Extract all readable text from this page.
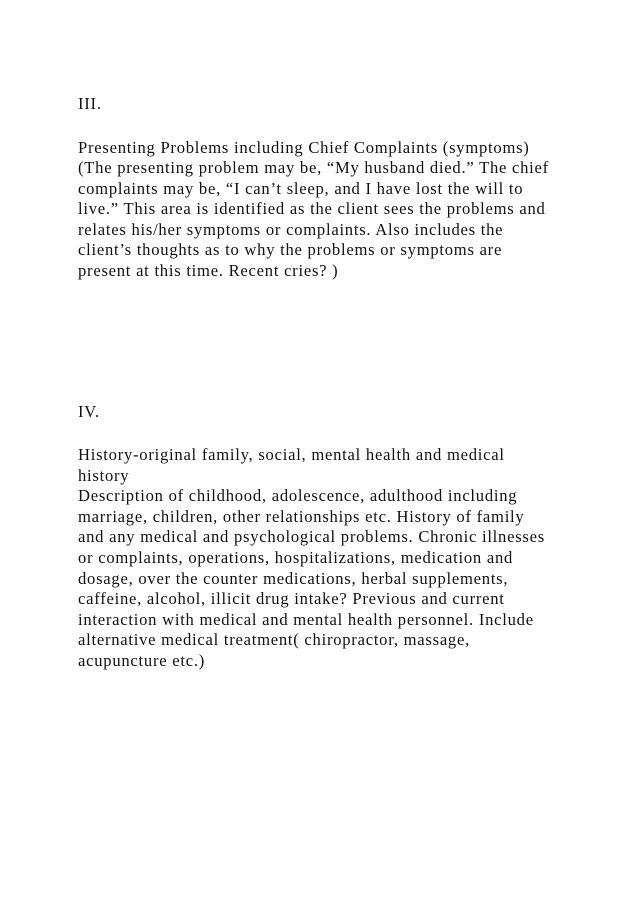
III.

Presenting Problems including Chief Complaints (symptoms)

(The presenting problem may be, “My husband died.” The chief

complaints may be, “I can’t sleep, and I have lost the will to

live.” This area is identified as the client sees the problems and

relates his/her symptoms or complaints. Also includes the

client’s thoughts as to why the problems or symptoms are

present at this time. Recent cries? )

IV.

History-original family, social, mental health and medical

history

Description of childhood, adolescence, adulthood including

marriage, children, other relationships etc. History of family

and any medical and psychological problems. Chronic illnesses

or complaints, operations, hospitalizations, medication and

dosage, over the counter medications, herbal supplements,

caffeine, alcohol, illicit drug intake? Previous and current

interaction with medical and mental health personnel. Include

alternative medical treatment( chiropractor, massage,

acupuncture etc.)
